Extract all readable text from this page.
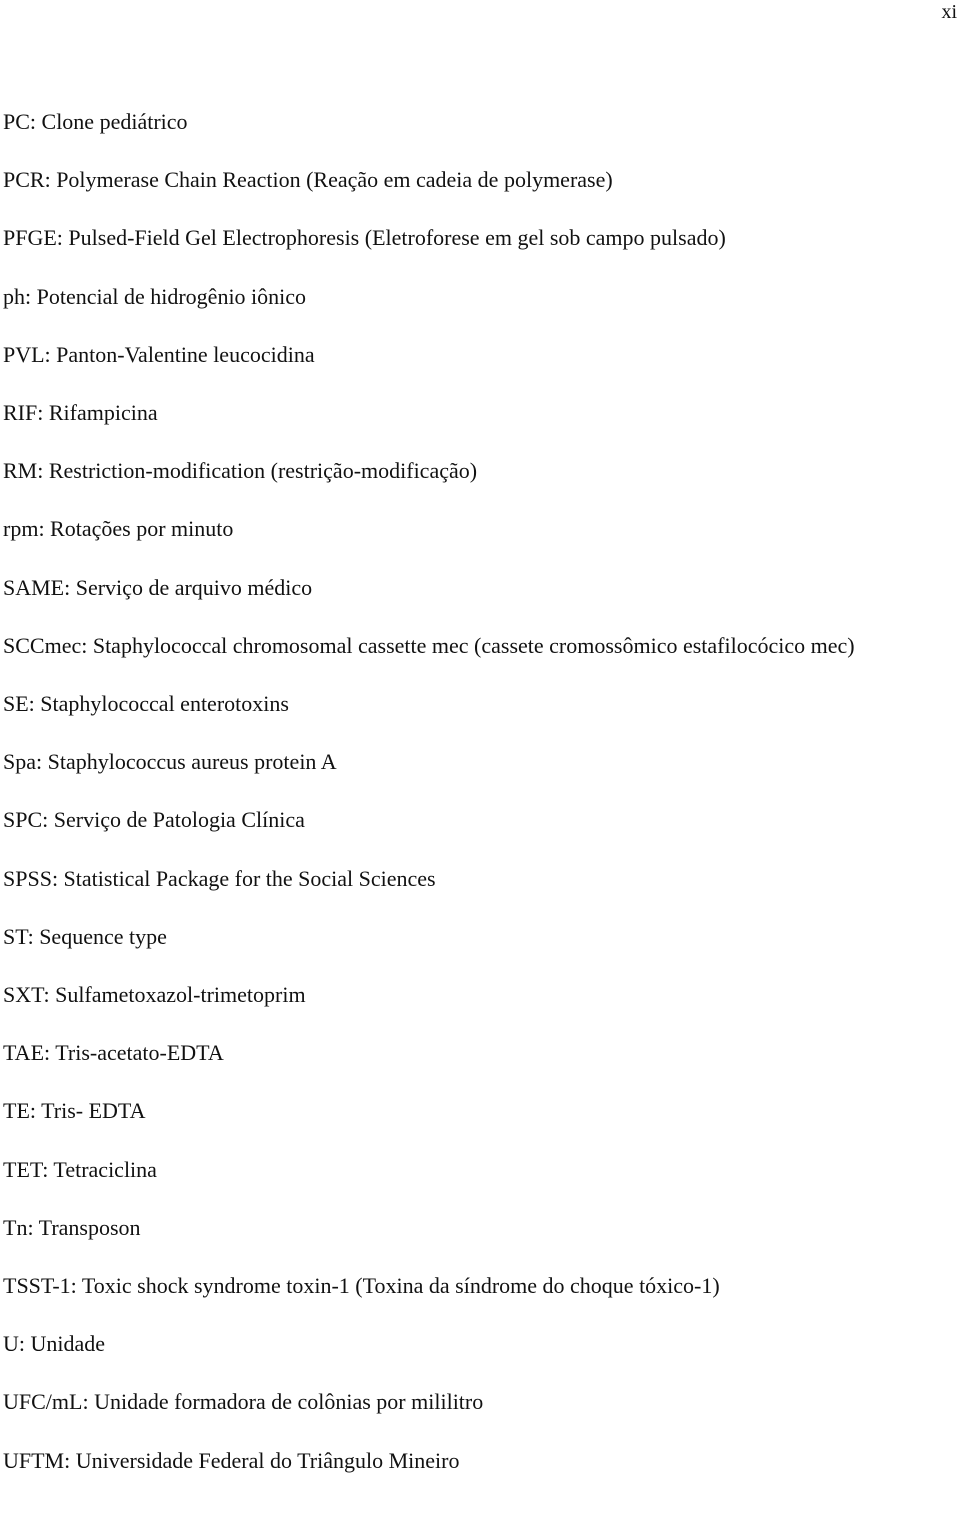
xi
PC: Clone pediátrico
PCR: Polymerase Chain Reaction (Reação em cadeia de polymerase)
PFGE: Pulsed-Field Gel Electrophoresis (Eletroforese em gel sob campo pulsado)
ph: Potencial de hidrogênio iônico
PVL: Panton-Valentine leucocidina
RIF: Rifampicina
RM: Restriction-modification (restrição-modificação)
rpm: Rotações por minuto
SAME: Serviço de arquivo médico
SCCmec: Staphylococcal chromosomal cassette mec (cassete cromossômico estafilocócico mec)
SE: Staphylococcal enterotoxins
Spa: Staphylococcus aureus protein A
SPC: Serviço de Patologia Clínica
SPSS: Statistical Package for the Social Sciences
ST: Sequence type
SXT: Sulfametoxazol-trimetoprim
TAE: Tris-acetato-EDTA
TE: Tris- EDTA
TET: Tetraciclina
Tn: Transposon
TSST-1: Toxic shock syndrome toxin-1 (Toxina da síndrome do choque tóxico-1)
U: Unidade
UFC/mL: Unidade formadora de colônias por mililitro
UFTM: Universidade Federal do Triângulo Mineiro
